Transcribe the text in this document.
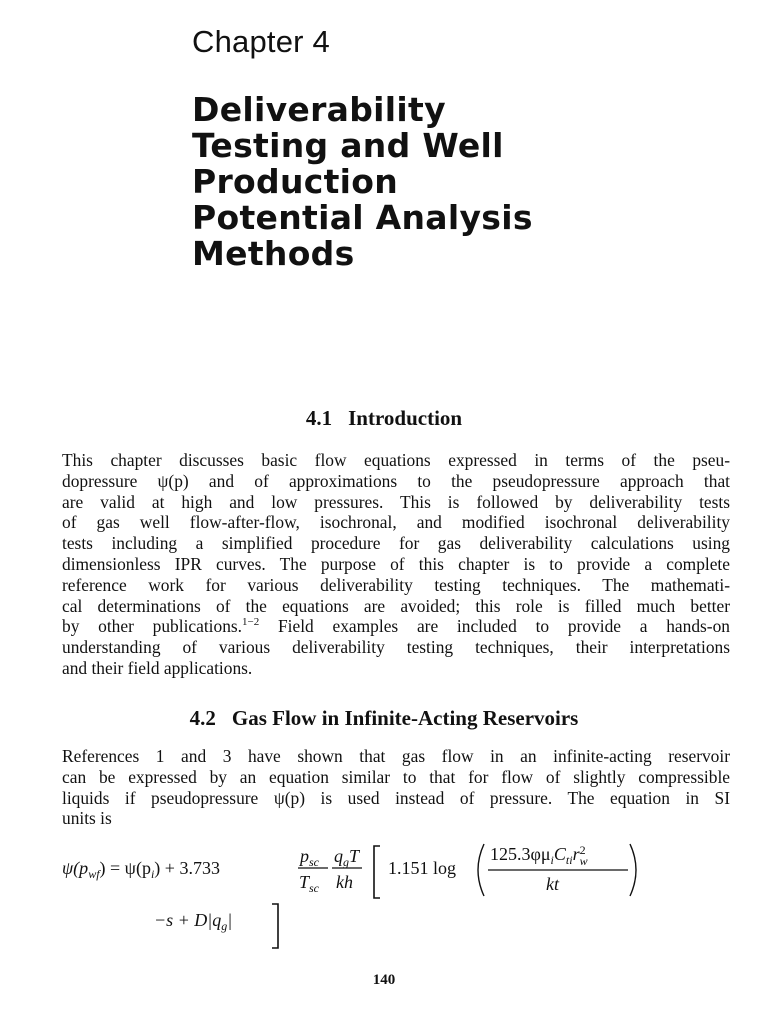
Chapter 4
Deliverability
Testing and Well
Production
Potential Analysis
Methods
4.1 Introduction
This chapter discusses basic flow equations expressed in terms of the pseu-
dopressure ψ(p) and of approximations to the pseudopressure approach that
are valid at high and low pressures. This is followed by deliverability tests
of gas well flow-after-flow, isochronal, and modified isochronal deliverability
tests including a simplified procedure for gas deliverability calculations using
dimensionless IPR curves. The purpose of this chapter is to provide a complete
reference work for various deliverability testing techniques. The mathemati-
cal determinations of the equations are avoided; this role is filled much better
by other publications.$^{1-2}$ Field examples are included to provide a hands-on
understanding of various deliverability testing techniques, their interpretations
and their field applications.
4.2 Gas Flow in Infinite-Acting Reservoirs
References 1 and 3 have shown that gas flow in an infinite-acting reservoir
can be expressed by an equation similar to that for flow of slightly compressible
liquids if pseudopressure ψ(p) is used instead of pressure. The equation in SI
units is
$\psi(p_{wf}) = \psi(p_i) + 3.733$
$p_{sc}$
$T_{sc}$
$q_gT$
kh
1.151 log
$125.3\varphi\mu_iC_{ti}r^2$ w
kt
$-s + D|q_g|$

140
